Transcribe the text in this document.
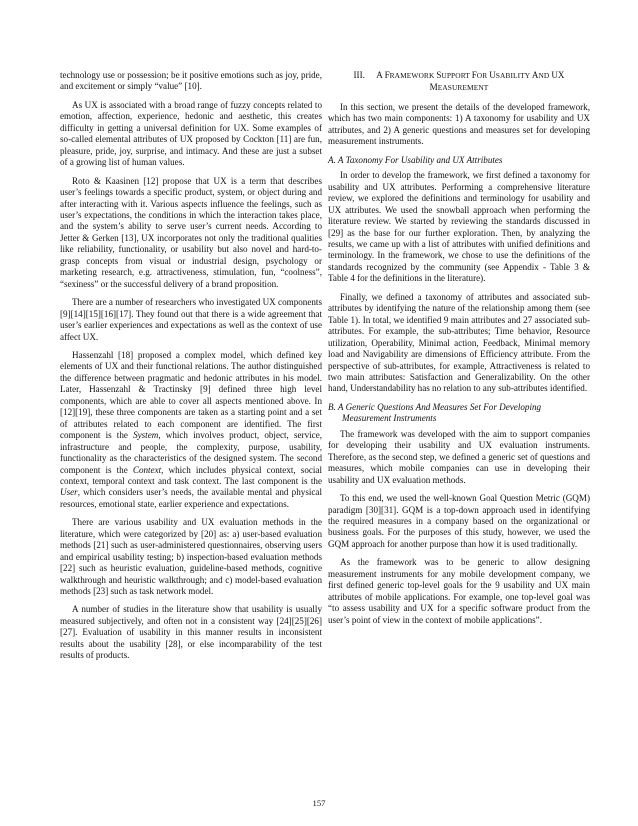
technology use or possession; be it positive emotions such as joy, pride, and excitement or simply “value” [10].

As UX is associated with a broad range of fuzzy concepts related to emotion, affection, experience, hedonic and aesthetic, this creates difficulty in getting a universal definition for UX. Some examples of so-called elemental attributes of UX proposed by Cockton [11] are fun, pleasure, pride, joy, surprise, and intimacy. And these are just a subset of a growing list of human values.

Roto & Kaasinen [12] propose that UX is a term that describes user’s feelings towards a specific product, system, or object during and after interacting with it. Various aspects influence the feelings, such as user’s expectations, the conditions in which the interaction takes place, and the system’s ability to serve user’s current needs. According to Jetter & Gerken [13], UX incorporates not only the traditional qualities like reliability, functionality, or usability but also novel and hard-to-grasp concepts from visual or industrial design, psychology or marketing research, e.g. attractiveness, stimulation, fun, “coolness”, “sexiness” or the successful delivery of a brand proposition.

There are a number of researchers who investigated UX components [9][14][15][16][17]. They found out that there is a wide agreement that user’s earlier experiences and expectations as well as the context of use affect UX.

Hassenzahl [18] proposed a complex model, which defined key elements of UX and their functional relations. The author distinguished the difference between pragmatic and hedonic attributes in his model. Later, Hassenzahl & Tractinsky [9] defined three high level components, which are able to cover all aspects mentioned above. In [12][19], these three components are taken as a starting point and a set of attributes related to each component are identified. The first component is the System, which involves product, object, service, infrastructure and people, the complexity, purpose, usability, functionality as the characteristics of the designed system. The second component is the Context, which includes physical context, social context, temporal context and task context. The last component is the User, which considers user’s needs, the available mental and physical resources, emotional state, earlier experience and expectations.

There are various usability and UX evaluation methods in the literature, which were categorized by [20] as: a) user-based evaluation methods [21] such as user-administered questionnaires, observing users and empirical usability testing; b) inspection-based evaluation methods [22] such as heuristic evaluation, guideline-based methods, cognitive walkthrough and heuristic walkthrough; and c) model-based evaluation methods [23] such as task network model.

A number of studies in the literature show that usability is usually measured subjectively, and often not in a consistent way [24][25][26][27]. Evaluation of usability in this manner results in inconsistent results about the usability [28], or else incomparability of the test results of products.

III. A FRAMEWORK SUPPORT FOR USABILITY AND UX
MEASUREMENT

In this section, we present the details of the developed framework, which has two main components: 1) A taxonomy for usability and UX attributes, and 2) A generic questions and measures set for developing measurement instruments.

A. A Taxonomy For Usability and UX Attributes

In order to develop the framework, we first defined a taxonomy for usability and UX attributes. Performing a comprehensive literature review, we explored the definitions and terminology for usability and UX attributes. We used the snowball approach when performing the literature review. We started by reviewing the standards discussed in [29] as the base for our further exploration. Then, by analyzing the results, we came up with a list of attributes with unified definitions and terminology. In the framework, we chose to use the definitions of the standards recognized by the community (see Appendix - Table 3 & Table 4 for the definitions in the literature).

Finally, we defined a taxonomy of attributes and associated sub-attributes by identifying the nature of the relationship among them (see Table 1). In total, we identified 9 main attributes and 27 associated sub-attributes. For example, the sub-attributes; Time behavior, Resource utilization, Operability, Minimal action, Feedback, Minimal memory load and Navigability are dimensions of Efficiency attribute. From the perspective of sub-attributes, for example, Attractiveness is related to two main attributes: Satisfaction and Generalizability. On the other hand, Understandability has no relation to any sub-attributes identified.

B. A Generic Questions And Measures Set For Developing Measurement Instruments

The framework was developed with the aim to support companies for developing their usability and UX evaluation instruments. Therefore, as the second step, we defined a generic set of questions and measures, which mobile companies can use in developing their usability and UX evaluation methods.

To this end, we used the well-known Goal Question Metric (GQM) paradigm [30][31]. GQM is a top-down approach used in identifying the required measures in a company based on the organizational or business goals. For the purposes of this study, however, we used the GQM approach for another purpose than how it is used traditionally.

As the framework was to be generic to allow designing measurement instruments for any mobile development company, we first defined generic top-level goals for the 9 usability and UX main attributes of mobile applications. For example, one top-level goal was “to assess usability and UX for a specific software product from the user’s point of view in the context of mobile applications”.

157
